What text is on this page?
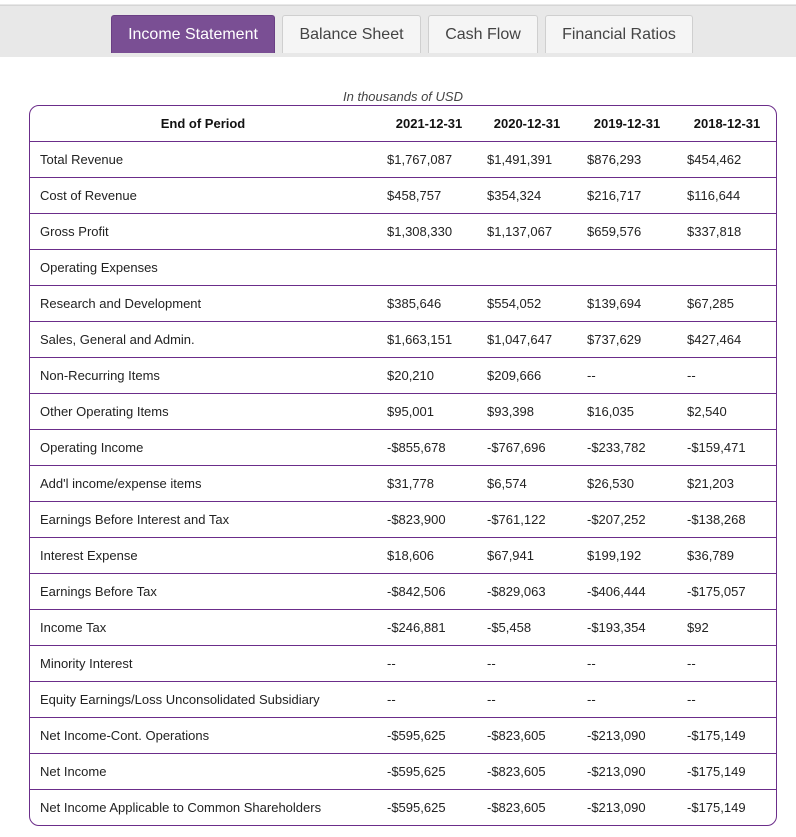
Income Statement	Balance Sheet	Cash Flow	Financial Ratios
In thousands of USD
End of Period	2021-12-31	2020-12-31	2019-12-31	2018-12-31
Total Revenue	$1,767,087	$1,491,391	$876,293	$454,462
Cost of Revenue	$458,757	$354,324	$216,717	$116,644
Gross Profit	$1,308,330	$1,137,067	$659,576	$337,818
Operating Expenses
Research and Development	$385,646	$554,052	$139,694	$67,285
Sales, General and Admin.	$1,663,151	$1,047,647	$737,629	$427,464
Non-Recurring Items	$20,210	$209,666	--	--
Other Operating Items	$95,001	$93,398	$16,035	$2,540
Operating Income	-$855,678	-$767,696	-$233,782	-$159,471
Add'l income/expense items	$31,778	$6,574	$26,530	$21,203
Earnings Before Interest and Tax	-$823,900	-$761,122	-$207,252	-$138,268
Interest Expense	$18,606	$67,941	$199,192	$36,789
Earnings Before Tax	-$842,506	-$829,063	-$406,444	-$175,057
Income Tax	-$246,881	-$5,458	-$193,354	$92
Minority Interest	--	--	--	--
Equity Earnings/Loss Unconsolidated Subsidiary	--	--	--	--
Net Income-Cont. Operations	-$595,625	-$823,605	-$213,090	-$175,149
Net Income	-$595,625	-$823,605	-$213,090	-$175,149
Net Income Applicable to Common Shareholders	-$595,625	-$823,605	-$213,090	-$175,149
